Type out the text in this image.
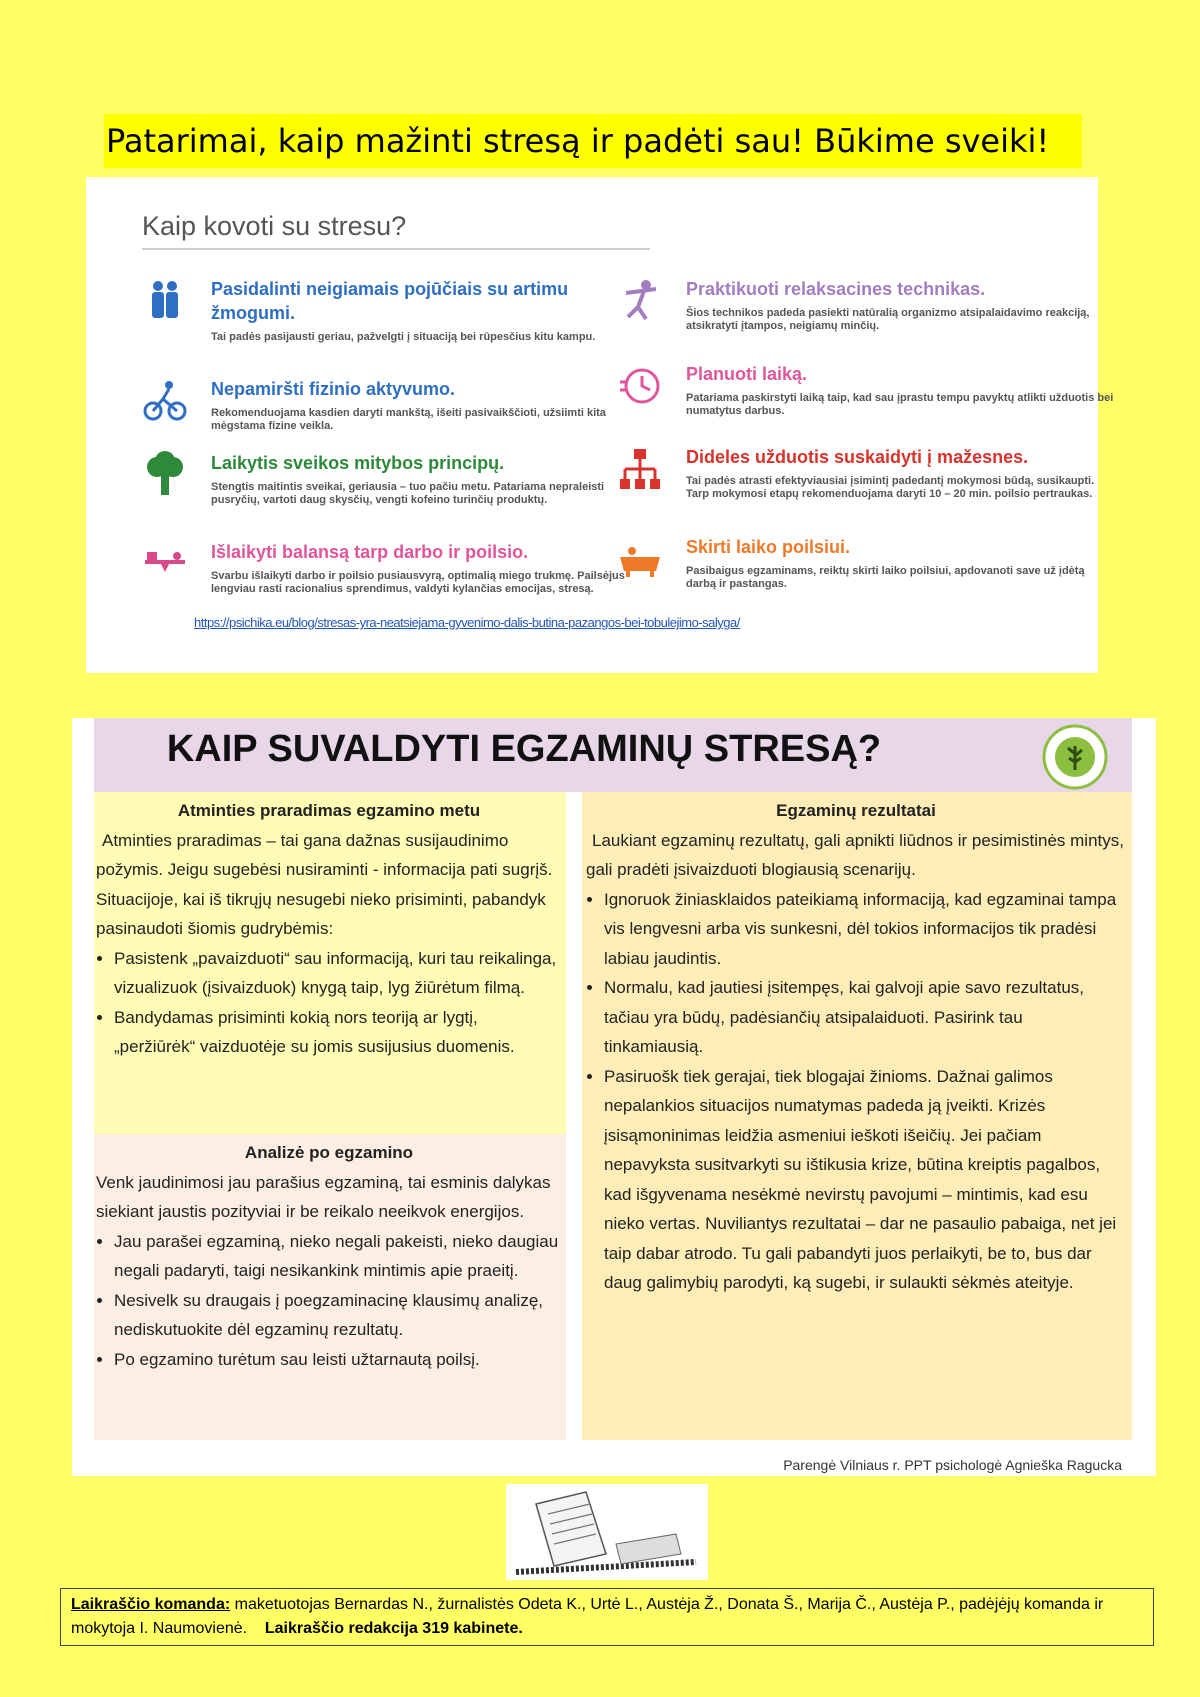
Patarimai, kaip mažinti stresą ir padėti sau! Būkime sveiki!
Kaip kovoti su stresu?
Pasidalinti neigiamais pojūčiais su artimu žmogumi.
Tai padės pasijausti geriau, pažvelgti į situaciją bei rūpesčius kitu kampu.
Nepamiršti fizinio aktyvumo.
Rekomenduojama kasdien daryti mankštą, išeiti pasivaikščioti, užsiimti kita mėgstama fizine veikla.
Laikytis sveikos mitybos principų.
Stengtis maitintis sveikai, geriausia – tuo pačiu metu. Patariama nepraleisti pusryčių, vartoti daug skysčių, vengti kofeino turinčių produktų.
Išlaikyti balansą tarp darbo ir poilsio.
Svarbu išlaikyti darbo ir poilsio pusiausvyrą, optimalią miego trukmę. Pailsėjus lengviau rasti racionalius sprendimus, valdyti kylančias emocijas, stresą.
Praktikuoti relaksacines technikas.
Šios technikos padeda pasiekti natūralią organizmo atsipalaidavimo reakciją, atsikratyti įtampos, neigiamų minčių.
Planuoti laiką.
Patariama paskirstyti laiką taip, kad sau įprastu tempu pavyktų atlikti užduotis bei numatytus darbus.
Dideles užduotis suskaidyti į mažesnes.
Tai padės atrasti efektyviausiai įsimintį padedantį mokymosi būdą, susikaupti. Tarp mokymosi etapų rekomenduojama daryti 10 – 20 min. poilsio pertraukas.
Skirti laiko poilsiui.
Pasibaigus egzaminams, reiktų skirti laiko poilsiui, apdovanoti save už įdėtą darbą ir pastangas.
https://psichika.eu/blog/stresas-yra-neatsiejama-gyvenimo-dalis-butina-pazangos-bei-tobulejimo-salyga/
KAIP SUVALDYTI EGZAMINŲ STRESĄ?
Atminties praradimas egzamino metu
Atminties praradimas – tai gana dažnas susijaudinimo požymis. Jeigu sugebėsi nusiraminti - informacija pati sugrįš.
Situacijoje, kai iš tikrųjų nesugebi nieko prisiminti, pabandyk pasinaudoti šiomis gudrybėmis:
• Pasistenk „pavaizduoti“ sau informaciją, kuri tau reikalinga, vizualizuok (įsivaizduok) knygą taip, lyg žiūrėtum filmą.
• Bandydamas prisiminti kokią nors teoriją ar lygtį, „peržiūrėk“ vaizduotėje su jomis susijusius duomenis.
Analizė po egzamino
Venk jaudinimosi jau parašius egzaminą, tai esminis dalykas siekiant jaustis pozityviai ir be reikalo neeikvok energijos.
• Jau parašei egzaminą, nieko negali pakeisti, nieko daugiau negali padaryti, taigi nesikankink mintimis apie praeitį.
• Nesivelk su draugais į poegzaminacinę klausimų analizę, nediskutuokite dėl egzaminų rezultatų.
• Po egzamino turėtum sau leisti užtarnautą poilsį.
Egzaminų rezultatai
Laukiant egzaminų rezultatų, gali apnikti liūdnos ir pesimistinės mintys, gali pradėti įsivaizduoti blogiausią scenarijų.
• Ignoruok žiniasklaidos pateikiamą informaciją, kad egzaminai tampa vis lengvesni arba vis sunkesni, dėl tokios informacijos tik pradėsi labiau jaudintis.
• Normalu, kad jautiesi įsitempęs, kai galvoji apie savo rezultatus, tačiau yra būdų, padėsiančių atsipalaiduoti. Pasirink tau tinkamiausią.
• Pasiruošk tiek gerajai, tiek blogajai žinioms. Dažnai galimos nepalankios situacijos numatymas padeda ją įveikti. Krizės įsisąmoninimas leidžia asmeniui ieškoti išeičių. Jei pačiam nepavyksta susitvarkyti su ištikusia krize, būtina kreiptis pagalbos, kad išgyvenama nesėkmė nevirstų pavojumi – mintimis, kad esu nieko vertas. Nuviliantys rezultatai – dar ne pasaulio pabaiga, net jei taip dabar atrodo. Tu gali pabandyti juos perlaikyti, be to, bus dar daug galimybių parodyti, ką sugebi, ir sulaukti sėkmės ateityje.
Parengė Vilniaus r. PPT psichologė Agnieška Ragucka
Laikraščio komanda: maketuotojas Bernardas N., žurnalistės Odeta K., Urtė L., Austėja Ž., Donata Š., Marija Č., Austėja P., padėjėjų komanda ir mokytoja I. Naumovienė. Laikraščio redakcija 319 kabinete.
